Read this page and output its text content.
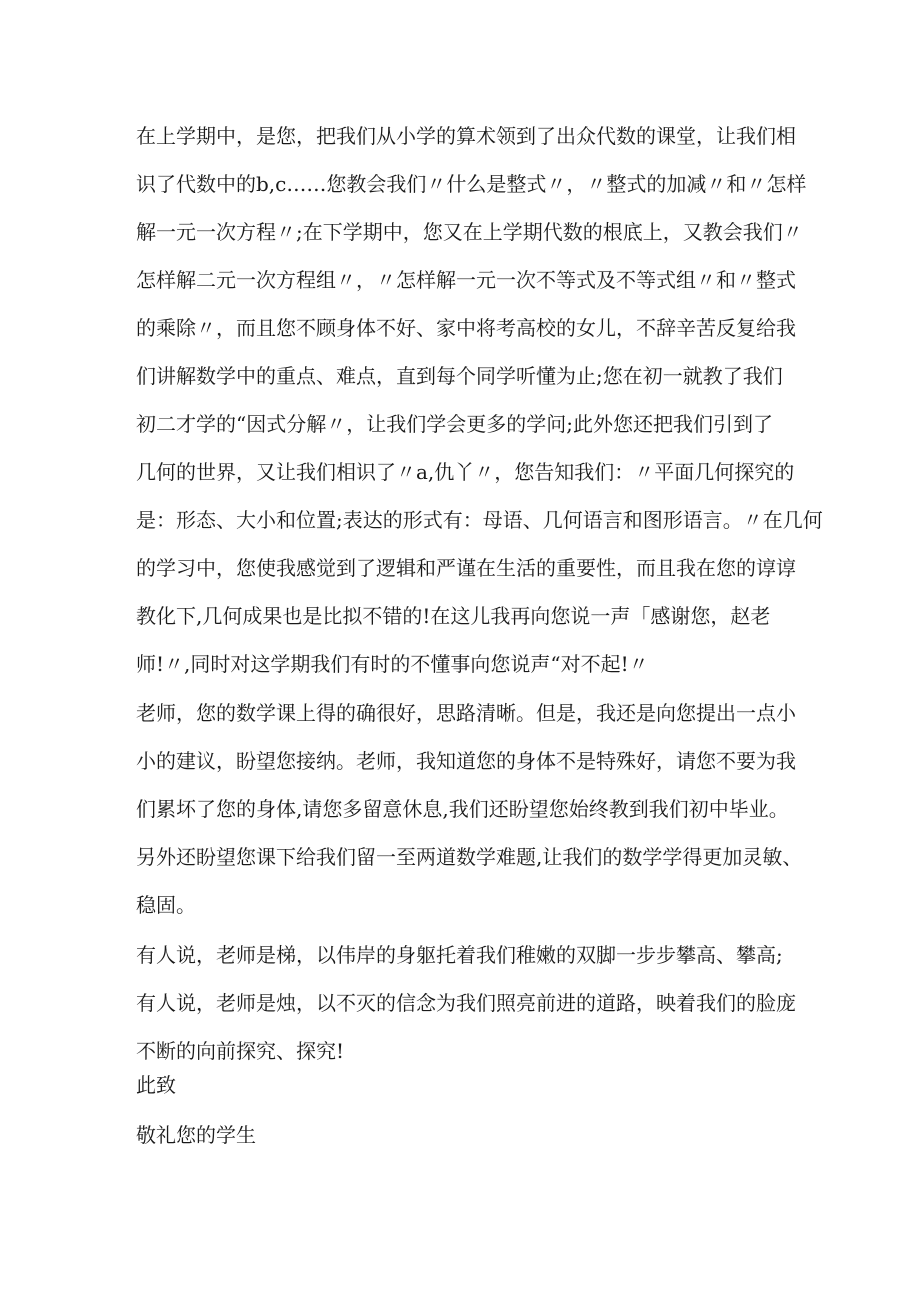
在上学期中，是您，把我们从小学的算术领到了出众代数的课堂，让我们相
识了代数中的b,c……您教会我们〃什么是整式〃，〃整式的加减〃和〃怎样
解一元一次方程〃;在下学期中，您又在上学期代数的根底上，又教会我们〃
怎样解二元一次方程组〃，〃怎样解一元一次不等式及不等式组〃和〃整式
的乘除〃，而且您不顾身体不好、家中将考高校的女儿，不辞辛苦反复给我
们讲解数学中的重点、难点，直到每个同学听懂为止;您在初一就教了我们
初二才学的“因式分解〃，让我们学会更多的学问;此外您还把我们引到了
几何的世界，又让我们相识了〃a,仇丫〃，您告知我们：〃平面几何探究的
是：形态、大小和位置;表达的形式有：母语、几何语言和图形语言。〃在几何
的学习中，您使我感觉到了逻辑和严谨在生活的重要性，而且我在您的谆谆
教化下,几何成果也是比拟不错的!在这儿我再向您说一声「感谢您，赵老
师!〃,同时对这学期我们有时的不懂事向您说声“对不起!〃
老师，您的数学课上得的确很好，思路清晰。但是，我还是向您提出一点小
小的建议，盼望您接纳。老师，我知道您的身体不是特殊好，请您不要为我
们累坏了您的身体,请您多留意休息,我们还盼望您始终教到我们初中毕业。
另外还盼望您课下给我们留一至两道数学难题,让我们的数学学得更加灵敏、
稳固。
有人说，老师是梯，以伟岸的身躯托着我们稚嫩的双脚一步步攀高、攀高;
有人说，老师是烛，以不灭的信念为我们照亮前进的道路，映着我们的脸庞
不断的向前探究、探究!
此致
敬礼您的学生
